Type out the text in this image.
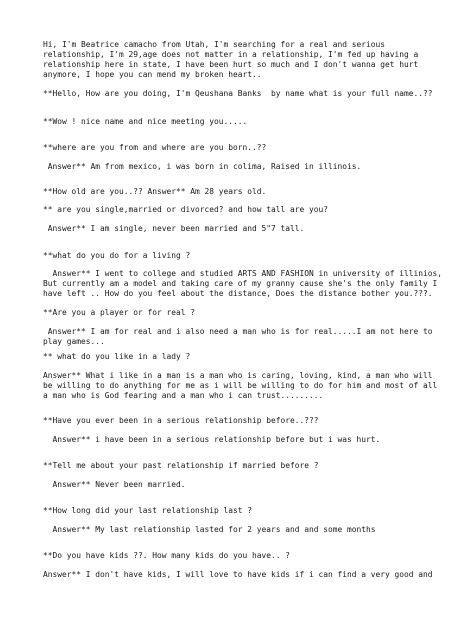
Hi, I'm Beatrice camacho from Utah, I'm searching for a real and serious
relationship, I'm 29,age does not matter in a relationship, I'm fed up having a
relationship here in state, I have been hurt so much and I don't wanna get hurt
anymore, I hope you can mend my broken heart..
**Hello, How are you doing, I'm Qeushana Banks  by name what is your full name..??
**Wow ! nice name and nice meeting you.....
**where are you from and where are you born..??
Answer** Am from mexico, i was born in colima, Raised in illinois.
**How old are you..?? Answer** Am 28 years old.
** are you single,married or divorced? and how tall are you?
Answer** I am single, never been married and 5"7 tall.
**what do you do for a living ?
Answer** I went to college and studied ARTS AND FASHION in university of illinios,
But currently am a model and taking care of my granny cause she's the only family I
have left .. How do you feel about the distance, Does the distance bother you.???.
**Are you a player or for real ?
Answer** I am for real and i also need a man who is for real.....I am not here to
play games...
** what do you like in a lady ?
Answer** What i like in a man is a man who is caring, loving, kind, a man who will
be willing to do anything for me as i will be willing to do for him and most of all
a man who is God fearing and a man who i can trust.........
**Have you ever been in a serious relationship before..???
Answer** i have been in a serious relationship before but i was hurt.
**Tell me about your past relationship if married before ?
Answer** Never been married.
**How long did your last relationship last ?
Answer** My last relationship lasted for 2 years and and some months
**Do you have kids ??. How many kids do you have.. ?
Answer** I don't have kids, I will love to have kids if i can find a very good and
